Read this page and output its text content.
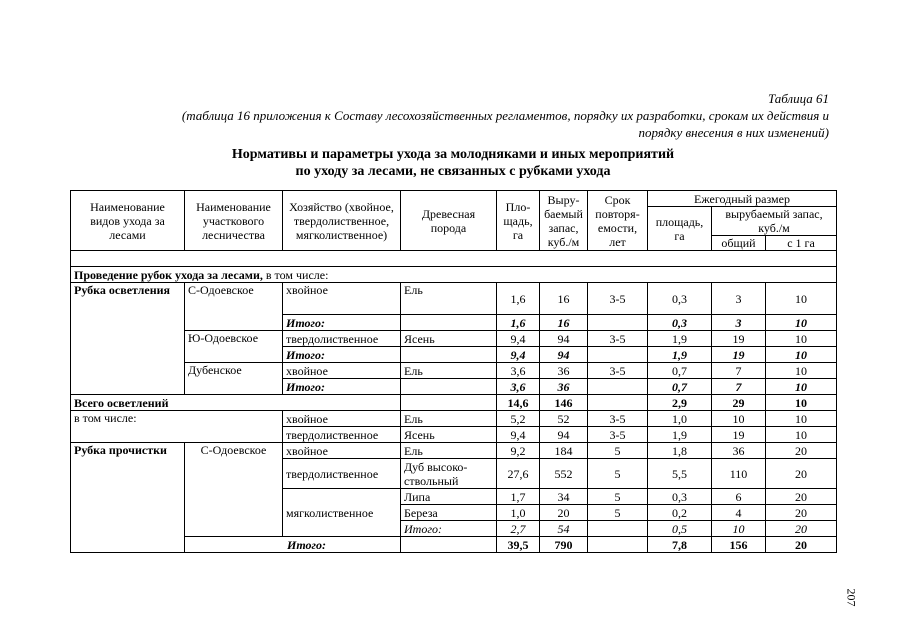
Таблица 61
(таблица 16 приложения к Составу лесохозяйственных регламентов, порядку их разработки, срокам их действия и
порядку внесения в них изменений)
Нормативы и параметры ухода за молодняками и иных мероприятий
по уходу за лесами, не связанных с рубками ухода
Наименование видов ухода за лесами	Наименование участкового лесничества	Хозяйство (хвойное, твердолиственное, мягколиственное)	Древесная порода	Пло-щадь, га	Выру-баемый запас, куб./м	Срок повторя-емости, лет	Ежегодный размер		
							площадь, га	вырубаемый запас, куб./м	
								общий	с 1 га

Проведение рубок ухода за лесами, в том числе:									
Рубка осветления	С-Одоевское	хвойное	Ель	1,6	16	3-5	0,3	3	10
		Итого:		1,6	16		0,3	3	10
	Ю-Одоевское	твердолиственное	Ясень	9,4	94	3-5	1,9	19	10
		Итого:		9,4	94		1,9	19	10
	Дубенское	хвойное	Ель	3,6	36	3-5	0,7	7	10
		Итого:		3,6	36		0,7	7	10
Всего осветлений				14,6	146		2,9	29	10
в том числе:		хвойное	Ель	5,2	52	3-5	1,0	10	10
		твердолиственное	Ясень	9,4	94	3-5	1,9	19	10
Рубка прочистки	С-Одоевское	хвойное	Ель	9,2	184	5	1,8	36	20
		твердолиственное	Дуб высоко-ствольный	27,6	552	5	5,5	110	20
		мягколиственное	Липа	1,7	34	5	0,3	6	20
			Береза	1,0	20	5	0,2	4	20
			Итого:	2,7	54		0,5	10	20
	Итого:			39,5	790		7,8	156	20
207
